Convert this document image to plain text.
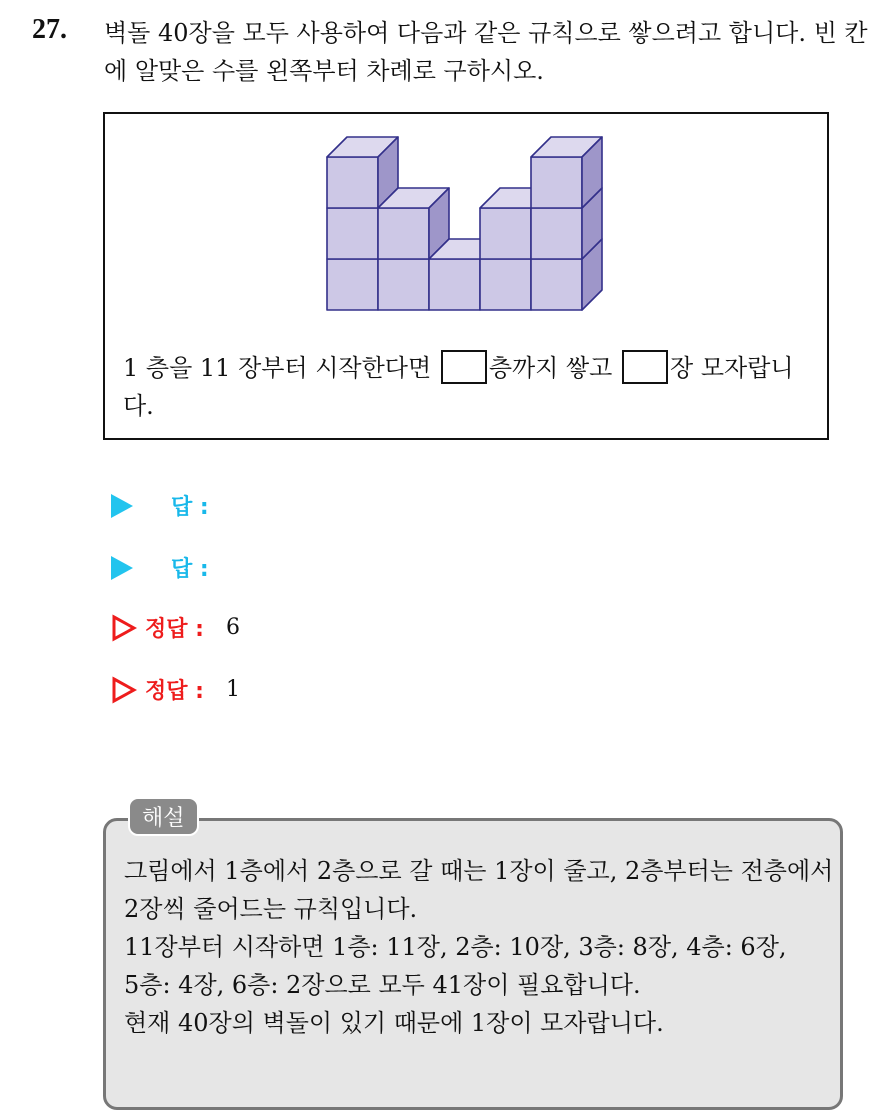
27. 벽돌 40장을 모두 사용하여 다음과 같은 규칙으로 쌓으려고 합니다. 빈 칸에 알맞은 수를 왼쪽부터 차례로 구하시오.
1 층을 11 장부터 시작한다면 층까지 쌓고 장 모자랍니다.
답 :
답 :
정답 : 6
정답 : 1
해설
그림에서 1층에서 2층으로 갈 때는 1장이 줄고, 2층부터는 전층에서 2장씩 줄어드는 규칙입니다.
11장부터 시작하면 1층: 11장, 2층: 10장, 3층: 8장, 4층: 6장,
5층: 4장, 6층: 2장으로 모두 41장이 필요합니다.
현재 40장의 벽돌이 있기 때문에 1장이 모자랍니다.
